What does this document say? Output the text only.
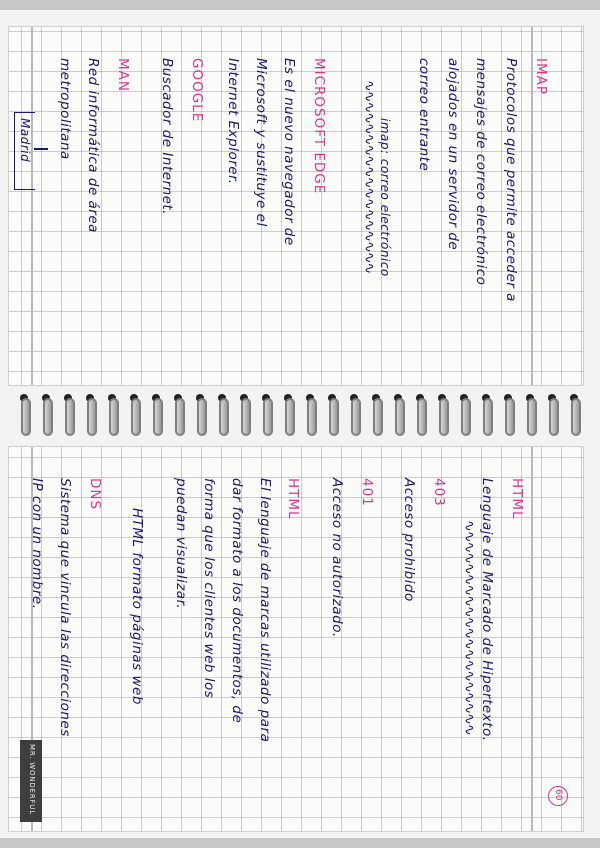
IMAP
Protocolos que permite acceder a
mensajes de correo electrónico
alojados en un servidor de
correo entrante
imap: correo electrónico
∿∿∿∿∿∿∿∿∿∿∿∿∿∿∿∿∿∿
MICROSOFT EDGE
Es el nuevo navegador de
Microsoft y sustituye el
Internet Explorer.
GOOGLE
Buscador de Internet.
MAN
Red informática de área
metropolitana
Madrid
HTML
Lenguaje de Marcado de Hipertexto.
∿∿∿∿∿∿∿∿∿∿∿∿∿∿∿∿∿∿∿∿
403
Acceso prohibido
401
Acceso no autorizado.
HTML
El lenguaje de marcas utilizado para
dar formato a los documentos, de
forma que los clientes web los
puedan visualizar.
HTML formato páginas web
DNS
Sistema que vincula las direcciones
IP con un nombre.
MR. WONDERFUL	60
